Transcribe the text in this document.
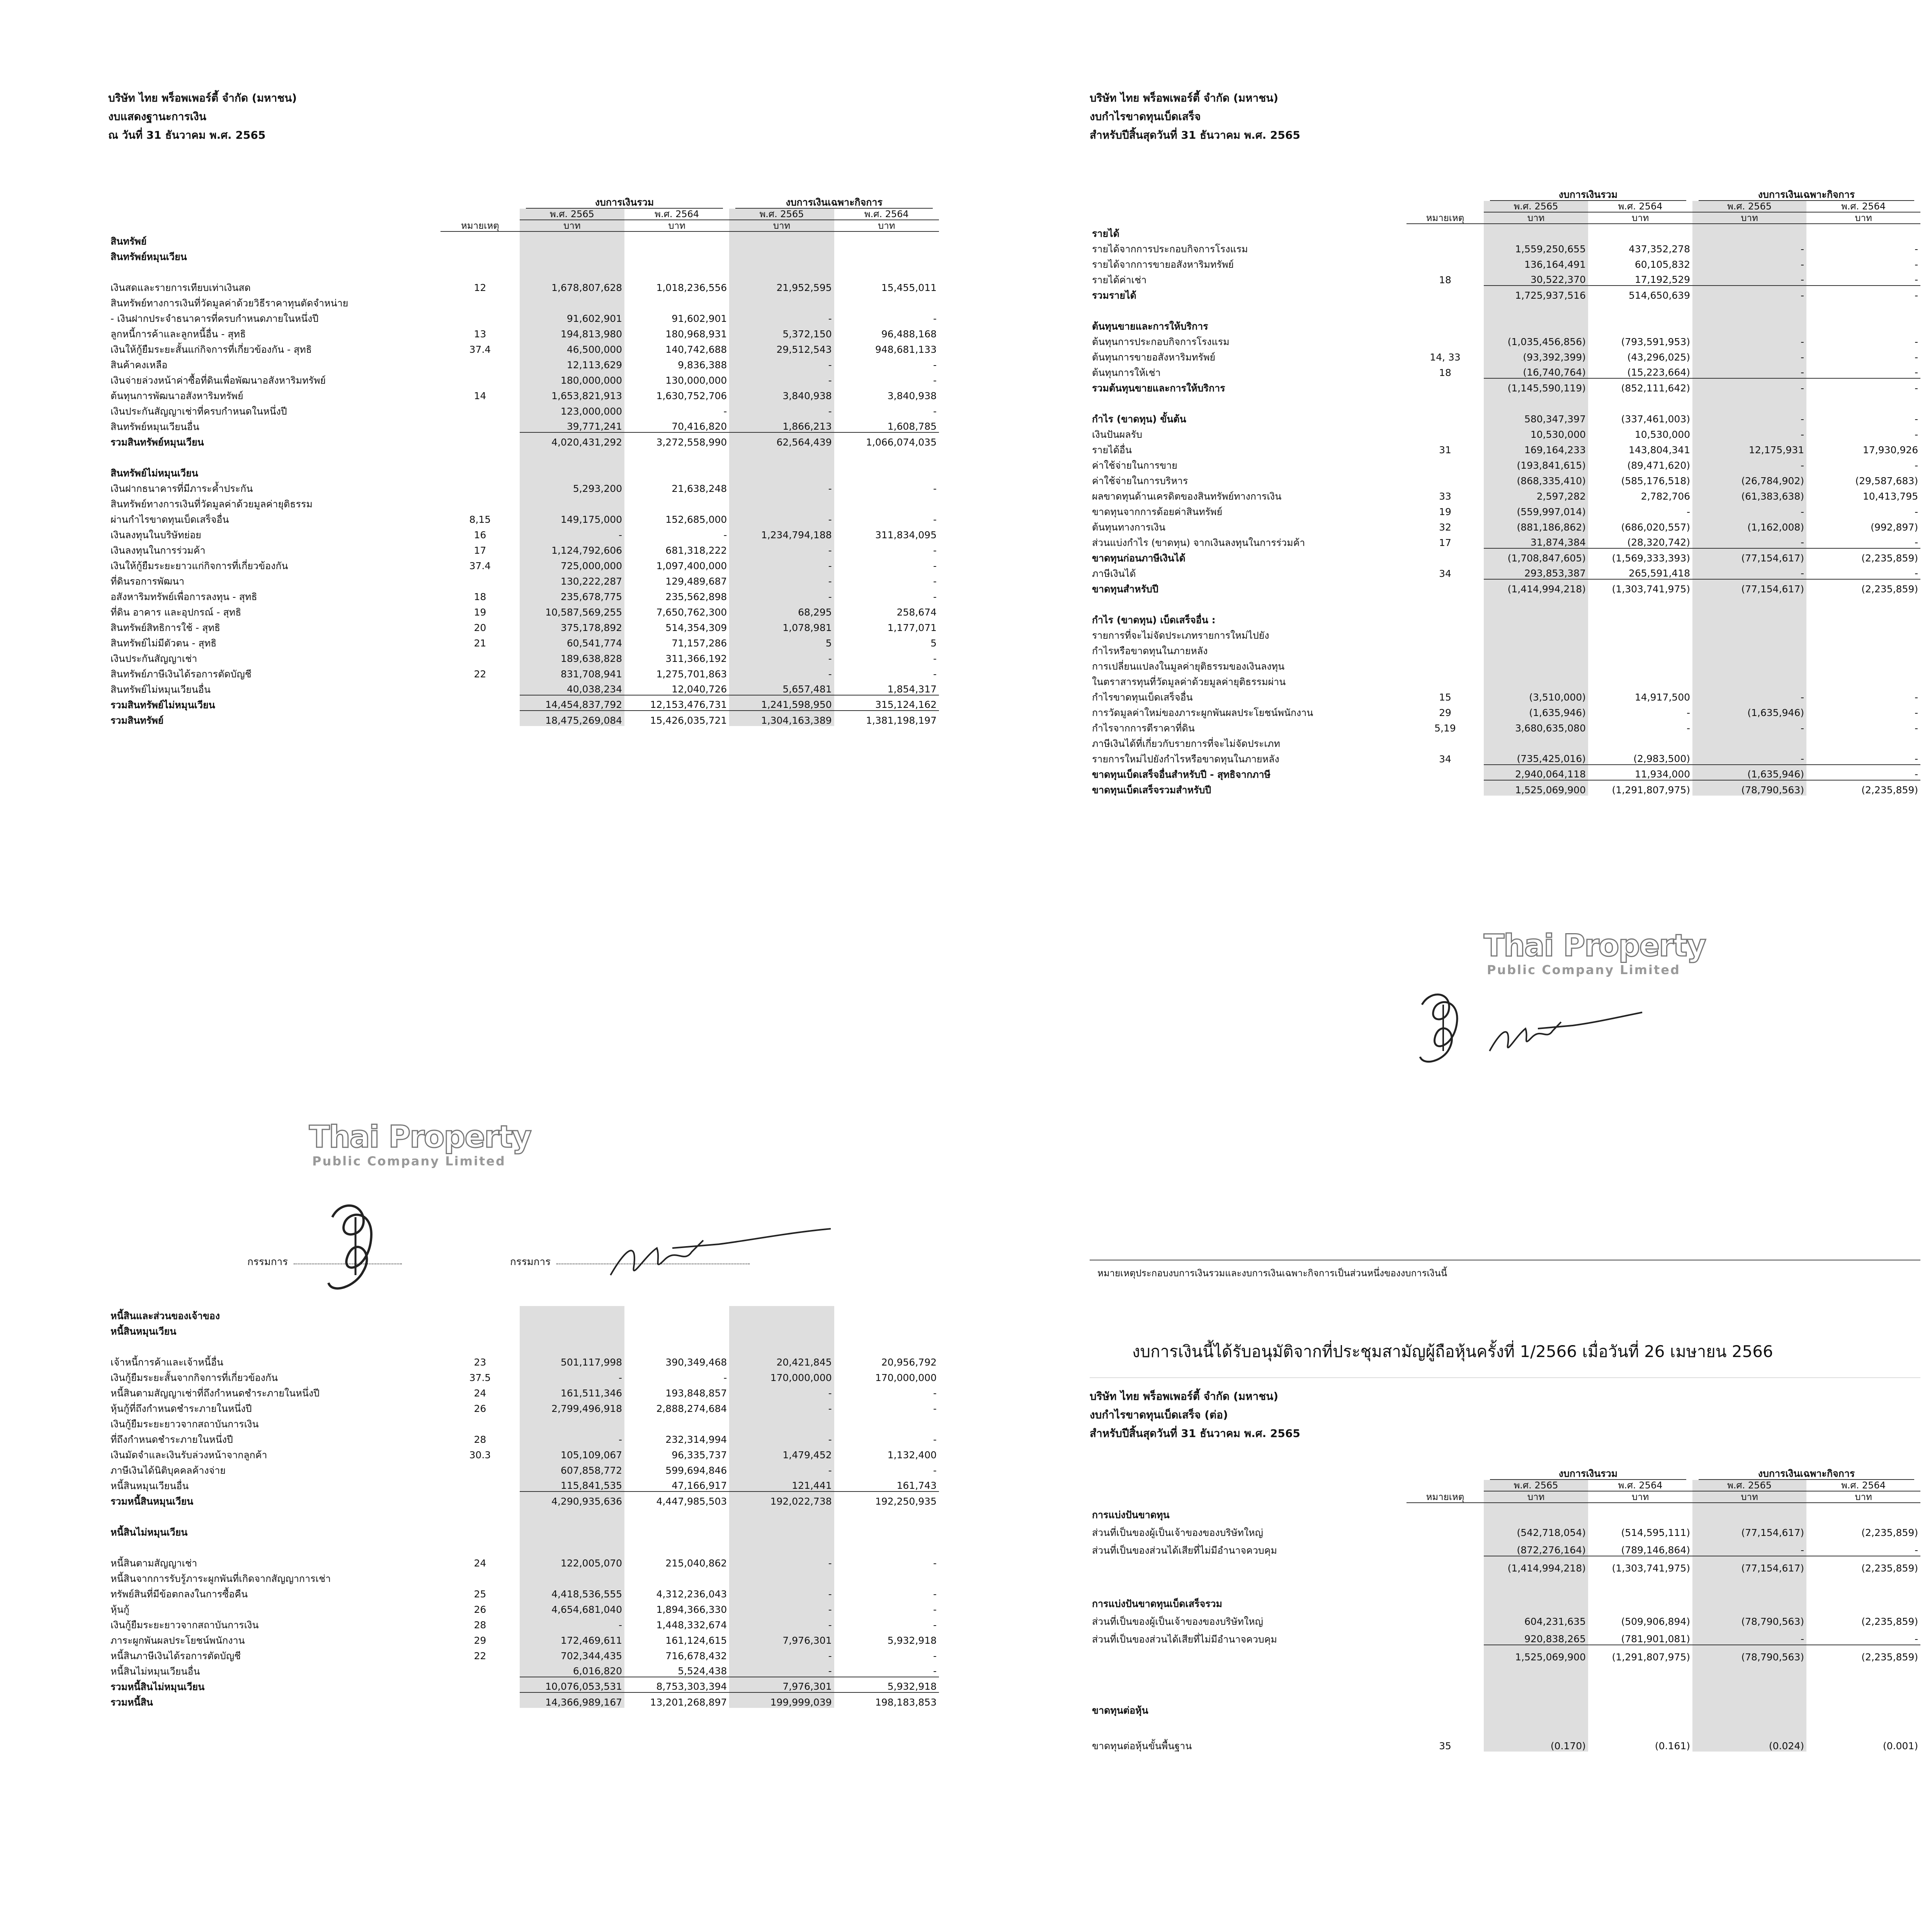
บริษัท ไทย พร็อพเพอร์ตี้ จำกัด (มหาชน)
งบแสดงฐานะการเงิน
ณ วันที่ 31 ธันวาคม พ.ศ. 2565

		งบการเงินรวม		งบการเงินเฉพาะกิจการ	

		พ.ศ. 2565	พ.ศ. 2564	พ.ศ. 2565	พ.ศ. 2564
	หมายเหตุ	บาท	บาท	บาท	บาท
สินทรัพย์					
สินทรัพย์หมุนเวียน					

เงินสดและรายการเทียบเท่าเงินสด	12	1,678,807,628	1,018,236,556	21,952,595	15,455,011
สินทรัพย์ทางการเงินที่วัดมูลค่าด้วยวิธีราคาทุนตัดจำหน่าย					
- เงินฝากประจำธนาคารที่ครบกำหนดภายในหนึ่งปี		91,602,901	91,602,901	-	-
ลูกหนี้การค้าและลูกหนี้อื่น - สุทธิ	13	194,813,980	180,968,931	5,372,150	96,488,168
เงินให้กู้ยืมระยะสั้นแก่กิจการที่เกี่ยวข้องกัน - สุทธิ	37.4	46,500,000	140,742,688	29,512,543	948,681,133
สินค้าคงเหลือ		12,113,629	9,836,388	-	-
เงินจ่ายล่วงหน้าค่าซื้อที่ดินเพื่อพัฒนาอสังหาริมทรัพย์		180,000,000	130,000,000	-	-
ต้นทุนการพัฒนาอสังหาริมทรัพย์	14	1,653,821,913	1,630,752,706	3,840,938	3,840,938
เงินประกันสัญญาเช่าที่ครบกำหนดในหนึ่งปี		123,000,000	-	-	-
สินทรัพย์หมุนเวียนอื่น		39,771,241	70,416,820	1,866,213	1,608,785
รวมสินทรัพย์หมุนเวียน		4,020,431,292	3,272,558,990	62,564,439	1,066,074,035

สินทรัพย์ไม่หมุนเวียน					
เงินฝากธนาคารที่มีภาระค้ำประกัน		5,293,200	21,638,248	-	-
สินทรัพย์ทางการเงินที่วัดมูลค่าด้วยมูลค่ายุติธรรม					
ผ่านกำไรขาดทุนเบ็ดเสร็จอื่น	8,15	149,175,000	152,685,000	-	-
เงินลงทุนในบริษัทย่อย	16	-	-	1,234,794,188	311,834,095
เงินลงทุนในการร่วมค้า	17	1,124,792,606	681,318,222	-	-
เงินให้กู้ยืมระยะยาวแก่กิจการที่เกี่ยวข้องกัน	37.4	725,000,000	1,097,400,000	-	-
ที่ดินรอการพัฒนา		130,222,287	129,489,687	-	-
อสังหาริมทรัพย์เพื่อการลงทุน - สุทธิ	18	235,678,775	235,562,898	-	-
ที่ดิน อาคาร และอุปกรณ์ - สุทธิ	19	10,587,569,255	7,650,762,300	68,295	258,674
สินทรัพย์สิทธิการใช้ - สุทธิ	20	375,178,892	514,354,309	1,078,981	1,177,071
สินทรัพย์ไม่มีตัวตน - สุทธิ	21	60,541,774	71,157,286	5	5
เงินประกันสัญญาเช่า		189,638,828	311,366,192	-	-
สินทรัพย์ภาษีเงินได้รอการตัดบัญชี	22	831,708,941	1,275,701,863	-	-
สินทรัพย์ไม่หมุนเวียนอื่น		40,038,234	12,040,726	5,657,481	1,854,317
รวมสินทรัพย์ไม่หมุนเวียน		14,454,837,792	12,153,476,731	1,241,598,950	315,124,162
รวมสินทรัพย์		18,475,269,084	15,426,035,721	1,304,163,389	1,381,198,197
Thai Property
Public Company Limited
กรรมการ	กรรมการ
หนี้สินและส่วนของเจ้าของ					
หนี้สินหมุนเวียน					

เจ้าหนี้การค้าและเจ้าหนี้อื่น	23	501,117,998	390,349,468	20,421,845	20,956,792
เงินกู้ยืมระยะสั้นจากกิจการที่เกี่ยวข้องกัน	37.5	-	-	170,000,000	170,000,000
หนี้สินตามสัญญาเช่าที่ถึงกำหนดชำระภายในหนึ่งปี	24	161,511,346	193,848,857	-	-
หุ้นกู้ที่ถึงกำหนดชำระภายในหนึ่งปี	26	2,799,496,918	2,888,274,684	-	-
เงินกู้ยืมระยะยาวจากสถาบันการเงิน					
ที่ถึงกำหนดชำระภายในหนึ่งปี	28	-	232,314,994	-	-
เงินมัดจำและเงินรับล่วงหน้าจากลูกค้า	30.3	105,109,067	96,335,737	1,479,452	1,132,400
ภาษีเงินได้นิติบุคคลค้างจ่าย		607,858,772	599,694,846	-	-
หนี้สินหมุนเวียนอื่น		115,841,535	47,166,917	121,441	161,743
รวมหนี้สินหมุนเวียน		4,290,935,636	4,447,985,503	192,022,738	192,250,935

หนี้สินไม่หมุนเวียน					

หนี้สินตามสัญญาเช่า	24	122,005,070	215,040,862	-	-
หนี้สินจากการรับรู้ภาระผูกพันที่เกิดจากสัญญาการเช่า					
ทรัพย์สินที่มีข้อตกลงในการซื้อคืน	25	4,418,536,555	4,312,236,043	-	-
หุ้นกู้	26	4,654,681,040	1,894,366,330	-	-
เงินกู้ยืมระยะยาวจากสถาบันการเงิน	28	-	1,448,332,674	-	-
ภาระผูกพันผลประโยชน์พนักงาน	29	172,469,611	161,124,615	7,976,301	5,932,918
หนี้สินภาษีเงินได้รอการตัดบัญชี	22	702,344,435	716,678,432	-	-
หนี้สินไม่หมุนเวียนอื่น		6,016,820	5,524,438	-	-
รวมหนี้สินไม่หมุนเวียน		10,076,053,531	8,753,303,394	7,976,301	5,932,918
รวมหนี้สิน		14,366,989,167	13,201,268,897	199,999,039	198,183,853

บริษัท ไทย พร็อพเพอร์ตี้ จำกัด (มหาชน)
งบกำไรขาดทุนเบ็ดเสร็จ
สำหรับปีสิ้นสุดวันที่ 31 ธันวาคม พ.ศ. 2565

		งบการเงินรวม		งบการเงินเฉพาะกิจการ	

		พ.ศ. 2565	พ.ศ. 2564	พ.ศ. 2565	พ.ศ. 2564
	หมายเหตุ	บาท	บาท	บาท	บาท
รายได้					
รายได้จากการประกอบกิจการโรงแรม		1,559,250,655	437,352,278	-	-
รายได้จากการขายอสังหาริมทรัพย์		136,164,491	60,105,832	-	-
รายได้ค่าเช่า	18	30,522,370	17,192,529	-	-
รวมรายได้		1,725,937,516	514,650,639	-	-

ต้นทุนขายและการให้บริการ					
ต้นทุนการประกอบกิจการโรงแรม		(1,035,456,856)	(793,591,953)	-	-
ต้นทุนการขายอสังหาริมทรัพย์	14, 33	(93,392,399)	(43,296,025)	-	-
ต้นทุนการให้เช่า	18	(16,740,764)	(15,223,664)	-	-
รวมต้นทุนขายและการให้บริการ		(1,145,590,119)	(852,111,642)	-	-

กำไร (ขาดทุน) ขั้นต้น		580,347,397	(337,461,003)	-	-
เงินปันผลรับ		10,530,000	10,530,000	-	-
รายได้อื่น	31	169,164,233	143,804,341	12,175,931	17,930,926
ค่าใช้จ่ายในการขาย		(193,841,615)	(89,471,620)	-	-
ค่าใช้จ่ายในการบริหาร		(868,335,410)	(585,176,518)	(26,784,902)	(29,587,683)
ผลขาดทุนด้านเครดิตของสินทรัพย์ทางการเงิน	33	2,597,282	2,782,706	(61,383,638)	10,413,795
ขาดทุนจากการด้อยค่าสินทรัพย์	19	(559,997,014)	-	-	-
ต้นทุนทางการเงิน	32	(881,186,862)	(686,020,557)	(1,162,008)	(992,897)
ส่วนแบ่งกำไร (ขาดทุน) จากเงินลงทุนในการร่วมค้า	17	31,874,384	(28,320,742)	-	-
ขาดทุนก่อนภาษีเงินได้		(1,708,847,605)	(1,569,333,393)	(77,154,617)	(2,235,859)
ภาษีเงินได้	34	293,853,387	265,591,418	-	-
ขาดทุนสำหรับปี		(1,414,994,218)	(1,303,741,975)	(77,154,617)	(2,235,859)

กำไร (ขาดทุน) เบ็ดเสร็จอื่น :					
รายการที่จะไม่จัดประเภทรายการใหม่ไปยัง					
กำไรหรือขาดทุนในภายหลัง					
การเปลี่ยนแปลงในมูลค่ายุติธรรมของเงินลงทุน					
ในตราสารทุนที่วัดมูลค่าด้วยมูลค่ายุติธรรมผ่าน					
กำไรขาดทุนเบ็ดเสร็จอื่น	15	(3,510,000)	14,917,500	-	-
การวัดมูลค่าใหม่ของภาระผูกพันผลประโยชน์พนักงาน	29	(1,635,946)	-	(1,635,946)	-
กำไรจากการตีราคาที่ดิน	5,19	3,680,635,080	-	-	-
ภาษีเงินได้ที่เกี่ยวกับรายการที่จะไม่จัดประเภท					
รายการใหม่ไปยังกำไรหรือขาดทุนในภายหลัง	34	(735,425,016)	(2,983,500)	-	-
ขาดทุนเบ็ดเสร็จอื่นสำหรับปี - สุทธิจากภาษี		2,940,064,118	11,934,000	(1,635,946)	-
ขาดทุนเบ็ดเสร็จรวมสำหรับปี		1,525,069,900	(1,291,807,975)	(78,790,563)	(2,235,859)
Thai Property
Public Company Limited
หมายเหตุประกอบงบการเงินรวมและงบการเงินเฉพาะกิจการเป็นส่วนหนึ่งของงบการเงินนี้
งบการเงินนี้ได้รับอนุมัติจากที่ประชุมสามัญผู้ถือหุ้นครั้งที่ 1/2566 เมื่อวันที่ 26 เมษายน 2566
บริษัท ไทย พร็อพเพอร์ตี้ จำกัด (มหาชน)
งบกำไรขาดทุนเบ็ดเสร็จ (ต่อ)
สำหรับปีสิ้นสุดวันที่ 31 ธันวาคม พ.ศ. 2565

		งบการเงินรวม		งบการเงินเฉพาะกิจการ	

		พ.ศ. 2565	พ.ศ. 2564	พ.ศ. 2565	พ.ศ. 2564
	หมายเหตุ	บาท	บาท	บาท	บาท
การแบ่งปันขาดทุน					
ส่วนที่เป็นของผู้เป็นเจ้าของของบริษัทใหญ่		(542,718,054)	(514,595,111)	(77,154,617)	(2,235,859)
ส่วนที่เป็นของส่วนได้เสียที่ไม่มีอำนาจควบคุม		(872,276,164)	(789,146,864)	-	-
		(1,414,994,218)	(1,303,741,975)	(77,154,617)	(2,235,859)

การแบ่งปันขาดทุนเบ็ดเสร็จรวม					
ส่วนที่เป็นของผู้เป็นเจ้าของของบริษัทใหญ่		604,231,635	(509,906,894)	(78,790,563)	(2,235,859)
ส่วนที่เป็นของส่วนได้เสียที่ไม่มีอำนาจควบคุม		920,838,265	(781,901,081)	-	-
		1,525,069,900	(1,291,807,975)	(78,790,563)	(2,235,859)

ขาดทุนต่อหุ้น					

ขาดทุนต่อหุ้นขั้นพื้นฐาน	35	(0.170)	(0.161)	(0.024)	(0.001)
